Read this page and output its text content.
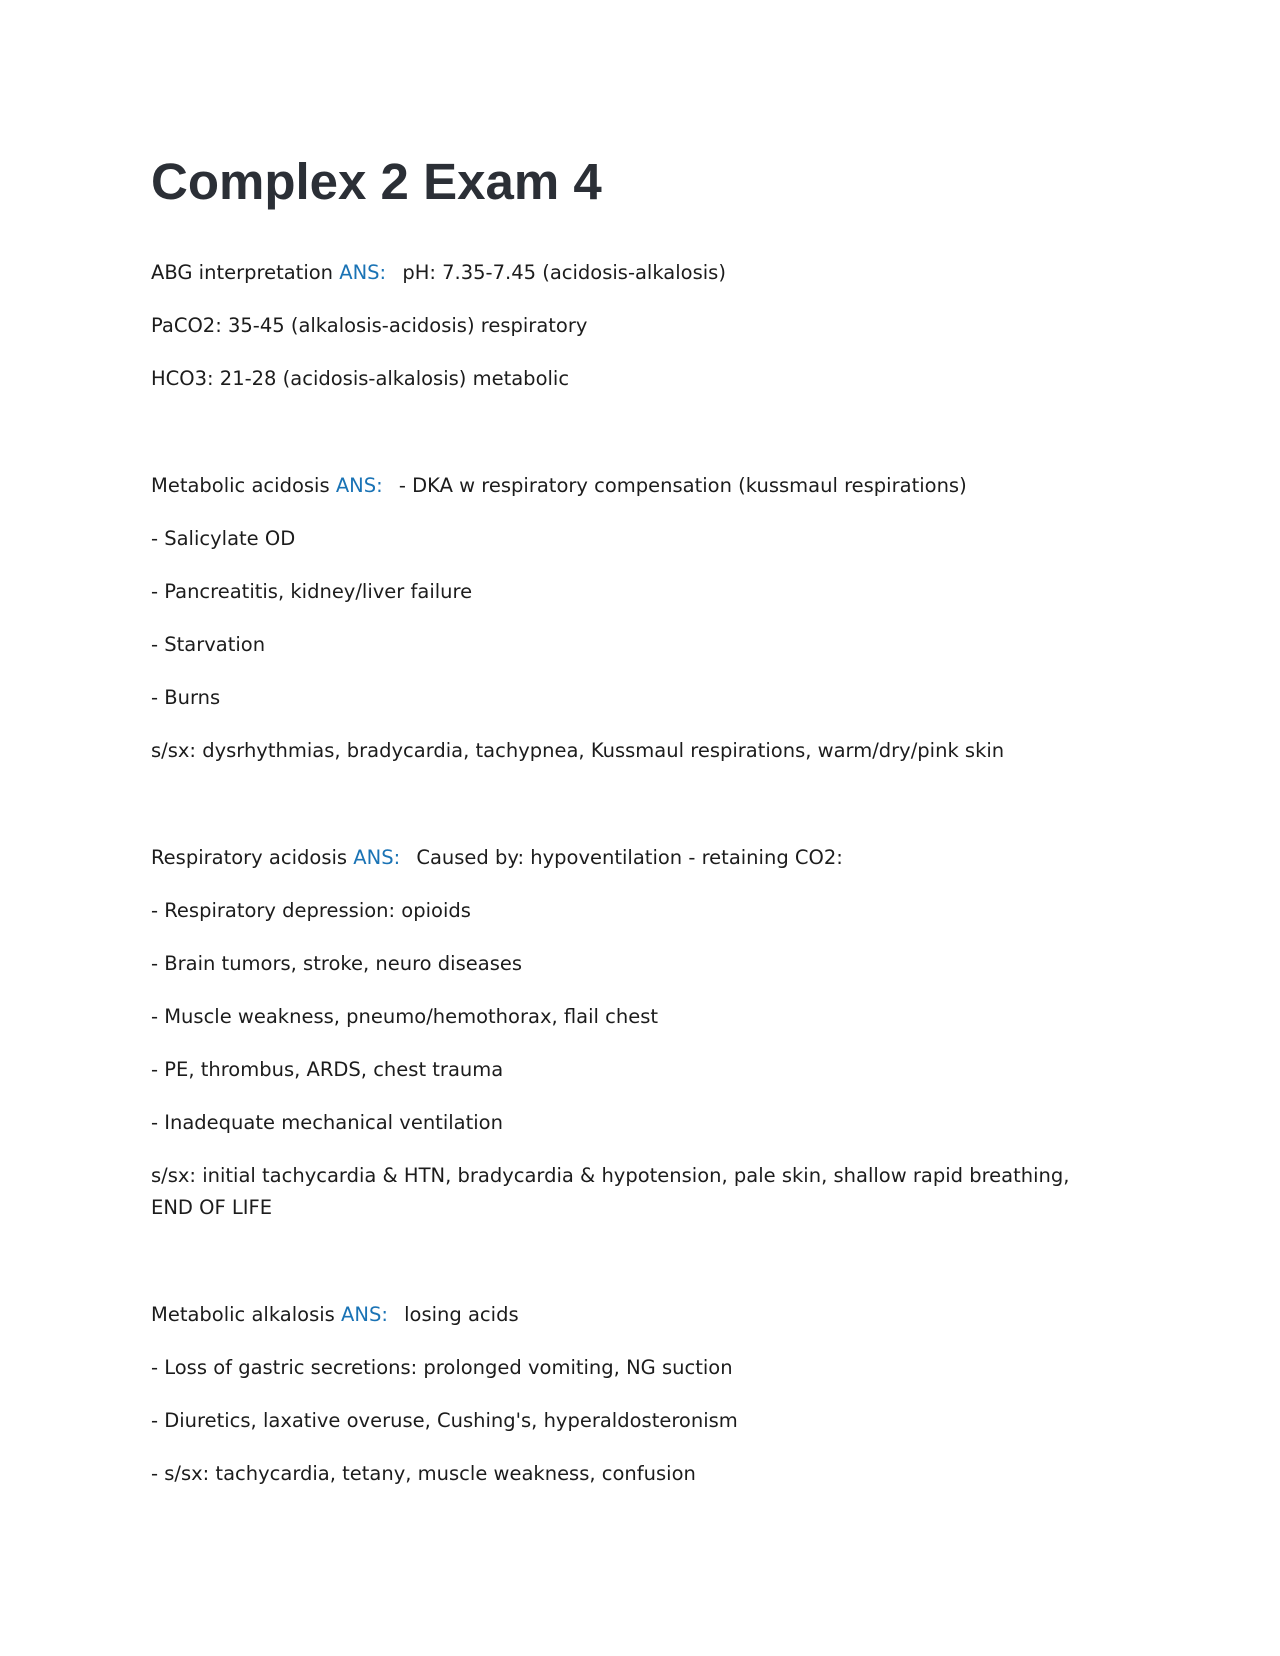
Complex 2 Exam 4

ABG interpretation ANS: pH: 7.35-7.45 (acidosis-alkalosis)

PaCO2: 35-45 (alkalosis-acidosis) respiratory

HCO3: 21-28 (acidosis-alkalosis) metabolic

Metabolic acidosis ANS: - DKA w respiratory compensation (kussmaul respirations)

- Salicylate OD

- Pancreatitis, kidney/liver failure

- Starvation

- Burns

s/sx: dysrhythmias, bradycardia, tachypnea, Kussmaul respirations, warm/dry/pink skin

Respiratory acidosis ANS: Caused by: hypoventilation - retaining CO2:

- Respiratory depression: opioids

- Brain tumors, stroke, neuro diseases

- Muscle weakness, pneumo/hemothorax, flail chest

- PE, thrombus, ARDS, chest trauma

- Inadequate mechanical ventilation

s/sx: initial tachycardia & HTN, bradycardia & hypotension, pale skin, shallow rapid breathing, END OF LIFE

Metabolic alkalosis ANS: losing acids

- Loss of gastric secretions: prolonged vomiting, NG suction

- Diuretics, laxative overuse, Cushing's, hyperaldosteronism

- s/sx: tachycardia, tetany, muscle weakness, confusion
